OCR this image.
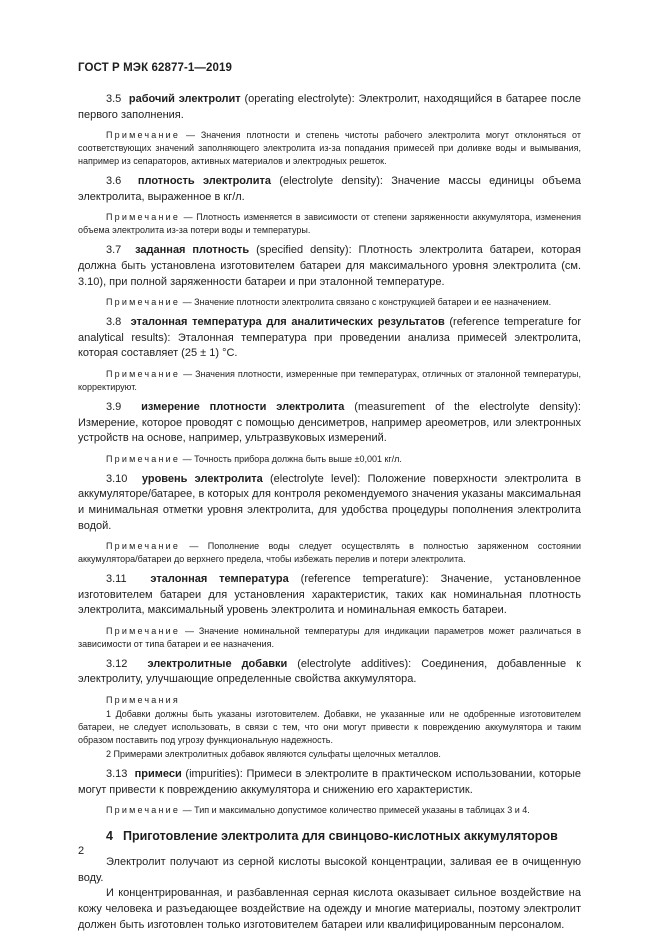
ГОСТ Р МЭК 62877-1—2019

3.5 рабочий электролит (operating electrolyte): Электролит, находящийся в батарее после первого заполнения.

Примечание — Значения плотности и степень чистоты рабочего электролита могут отклоняться от соответствующих значений заполняющего электролита из-за попадания примесей при доливке воды и вымывания, например из сепараторов, активных материалов и электродных решеток.

3.6 плотность электролита (electrolyte density): Значение массы единицы объема электролита, выраженное в кг/л.

Примечание — Плотность изменяется в зависимости от степени заряженности аккумулятора, изменения объема электролита из-за потери воды и температуры.

3.7 заданная плотность (specified density): Плотность электролита батареи, которая должна быть установлена изготовителем батареи для максимального уровня электролита (см. 3.10), при полной заряженности батареи и при эталонной температуре.

Примечание — Значение плотности электролита связано с конструкцией батареи и ее назначением.

3.8 эталонная температура для аналитических результатов (reference temperature for analytical results): Эталонная температура при проведении анализа примесей электролита, которая составляет (25 ± 1) °С.

Примечание — Значения плотности, измеренные при температурах, отличных от эталонной температуры, корректируют.

3.9 измерение плотности электролита (measurement of the electrolyte density): Измерение, которое проводят с помощью денсиметров, например ареометров, или электронных устройств на основе, например, ультразвуковых измерений.

Примечание — Точность прибора должна быть выше ±0,001 кг/л.

3.10 уровень электролита (electrolyte level): Положение поверхности электролита в аккумуляторе/батарее, в которых для контроля рекомендуемого значения указаны максимальная и минимальная отметки уровня электролита, для удобства процедуры пополнения электролита водой.

Примечание — Пополнение воды следует осуществлять в полностью заряженном состоянии аккумулятора/батареи до верхнего предела, чтобы избежать перелив и потери электролита.

3.11 эталонная температура (reference temperature): Значение, установленное изготовителем батареи для установления характеристик, таких как номинальная плотность электролита, максимальный уровень электролита и номинальная емкость батареи.

Примечание — Значение номинальной температуры для индикации параметров может различаться в зависимости от типа батареи и ее назначения.

3.12 электролитные добавки (electrolyte additives): Соединения, добавленные к электролиту, улучшающие определенные свойства аккумулятора.

Примечания

1 Добавки должны быть указаны изготовителем. Добавки, не указанные или не одобренные изготовителем батареи, не следует использовать, в связи с тем, что они могут привести к повреждению аккумулятора и таким образом поставить под угрозу функциональную надежность.

2 Примерами электролитных добавок являются сульфаты щелочных металлов.

3.13 примеси (impurities): Примеси в электролите в практическом использовании, которые могут привести к повреждению аккумулятора и снижению его характеристик.

Примечание — Тип и максимально допустимое количество примесей указаны в таблицах 3 и 4.

4 Приготовление электролита для свинцово-кислотных аккумуляторов

Электролит получают из серной кислоты высокой концентрации, заливая ее в очищенную воду.

И концентрированная, и разбавленная серная кислота оказывает сильное воздействие на кожу человека и разъедающее воздействие на одежду и многие материалы, поэтому электролит должен быть изготовлен только изготовителем батареи или квалифицированным персоналом.

2
